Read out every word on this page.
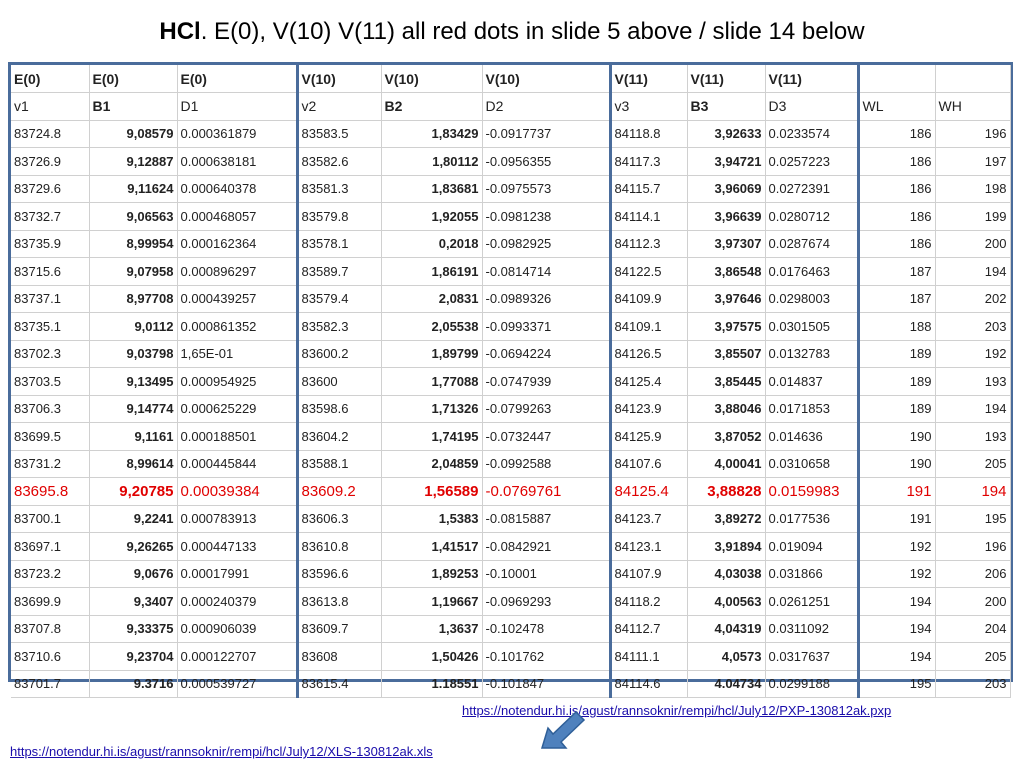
HCl. E(0), V(10) V(11) all red dots in slide 5 above / slide 14 below
E(0)	E(0)	E(0)	V(10)	V(10)	V(10)	V(11)	V(11)	V(11)		
v1	B1	D1	v2	B2	D2	v3	B3	D3	WL	WH
83724.8	9,08579	0.000361879	83583.5	1,83429	-0.0917737	84118.8	3,92633	0.0233574	186	196
83726.9	9,12887	0.000638181	83582.6	1,80112	-0.0956355	84117.3	3,94721	0.0257223	186	197
83729.6	9,11624	0.000640378	83581.3	1,83681	-0.0975573	84115.7	3,96069	0.0272391	186	198
83732.7	9,06563	0.000468057	83579.8	1,92055	-0.0981238	84114.1	3,96639	0.0280712	186	199
83735.9	8,99954	0.000162364	83578.1	0,2018	-0.0982925	84112.3	3,97307	0.0287674	186	200
83715.6	9,07958	0.000896297	83589.7	1,86191	-0.0814714	84122.5	3,86548	0.0176463	187	194
83737.1	8,97708	0.000439257	83579.4	2,0831	-0.0989326	84109.9	3,97646	0.0298003	187	202
83735.1	9,0112	0.000861352	83582.3	2,05538	-0.0993371	84109.1	3,97575	0.0301505	188	203
83702.3	9,03798	1,65E-01	83600.2	1,89799	-0.0694224	84126.5	3,85507	0.0132783	189	192
83703.5	9,13495	0.000954925	83600	1,77088	-0.0747939	84125.4	3,85445	0.014837	189	193
83706.3	9,14774	0.000625229	83598.6	1,71326	-0.0799263	84123.9	3,88046	0.0171853	189	194
83699.5	9,1161	0.000188501	83604.2	1,74195	-0.0732447	84125.9	3,87052	0.014636	190	193
83731.2	8,99614	0.000445844	83588.1	2,04859	-0.0992588	84107.6	4,00041	0.0310658	190	205
83695.8	9,20785	0.00039384	83609.2	1,56589	-0.0769761	84125.4	3,88828	0.0159983	191	194
83700.1	9,2241	0.000783913	83606.3	1,5383	-0.0815887	84123.7	3,89272	0.0177536	191	195
83697.1	9,26265	0.000447133	83610.8	1,41517	-0.0842921	84123.1	3,91894	0.019094	192	196
83723.2	9,0676	0.00017991	83596.6	1,89253	-0.10001	84107.9	4,03038	0.031866	192	206
83699.9	9,3407	0.000240379	83613.8	1,19667	-0.0969293	84118.2	4,00563	0.0261251	194	200
83707.8	9,33375	0.000906039	83609.7	1,3637	-0.102478	84112.7	4,04319	0.0311092	194	204
83710.6	9,23704	0.000122707	83608	1,50426	-0.101762	84111.1	4,0573	0.0317637	194	205
83701.7	9.3716	0.000539727	83615.4	1.18551	-0.101847	84114.6	4.04734	0.0299188	195	203
https://notendur.hi.is/agust/rannsoknir/rempi/hcl/July12/PXP-130812ak.pxp
https://notendur.hi.is/agust/rannsoknir/rempi/hcl/July12/XLS-130812ak.xls
